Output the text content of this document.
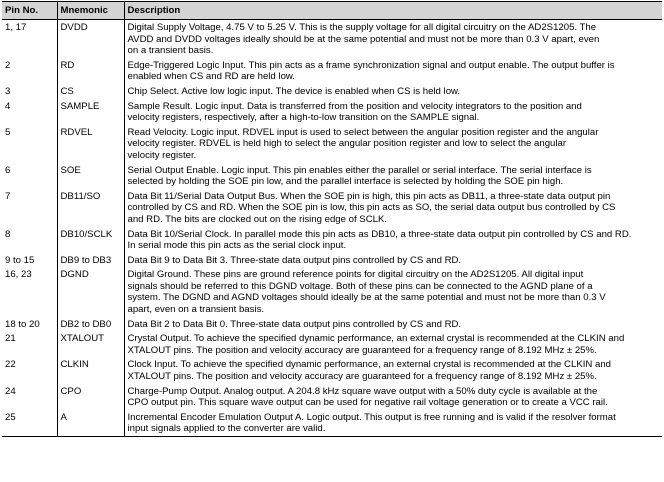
Pin No.	Mnemonic	Description
1, 17	DVDD	Digital Supply Voltage, 4.75 V to 5.25 V. This is the supply voltage for all digital circuitry on the AD2S1205. The
AVDD and DVDD voltages ideally should be at the same potential and must not be more than 0.3 V apart, even
on a transient basis.
2	RD	Edge-Triggered Logic Input. This pin acts as a frame synchronization signal and output enable. The output buffer is
enabled when CS and RD are held low.
3	CS	Chip Select. Active low logic input. The device is enabled when CS is held low.
4	SAMPLE	Sample Result. Logic input. Data is transferred from the position and velocity integrators to the position and
velocity registers, respectively, after a high-to-low transition on the SAMPLE signal.
5	RDVEL	Read Velocity. Logic input. RDVEL input is used to select between the angular position register and the angular
velocity register. RDVEL is held high to select the angular position register and low to select the angular
velocity register.
6	SOE	Serial Output Enable. Logic input. This pin enables either the parallel or serial interface. The serial interface is
selected by holding the SOE pin low, and the parallel interface is selected by holding the SOE pin high.
7	DB11/SO	Data Bit 11/Serial Data Output Bus. When the SOE pin is high, this pin acts as DB11, a three-state data output pin
controlled by CS and RD. When the SOE pin is low, this pin acts as SO, the serial data output bus controlled by CS
and RD. The bits are clocked out on the rising edge of SCLK.
8	DB10/SCLK	Data Bit 10/Serial Clock. In parallel mode this pin acts as DB10, a three-state data output pin controlled by CS and RD.
In serial mode this pin acts as the serial clock input.
9 to 15	DB9 to DB3	Data Bit 9 to Data Bit 3. Three-state data output pins controlled by CS and RD.
16, 23	DGND	Digital Ground. These pins are ground reference points for digital circuitry on the AD2S1205. All digital input
signals should be referred to this DGND voltage. Both of these pins can be connected to the AGND plane of a
system. The DGND and AGND voltages should ideally be at the same potential and must not be more than 0.3 V
apart, even on a transient basis.
18 to 20	DB2 to DB0	Data Bit 2 to Data Bit 0. Three-state data output pins controlled by CS and RD.
21	XTALOUT	Crystal Output. To achieve the specified dynamic performance, an external crystal is recommended at the CLKIN and
XTALOUT pins. The position and velocity accuracy are guaranteed for a frequency range of 8.192 MHz ± 25%.
22	CLKIN	Clock Input. To achieve the specified dynamic performance, an external crystal is recommended at the CLKIN and
XTALOUT pins. The position and velocity accuracy are guaranteed for a frequency range of 8.192 MHz ± 25%.
24	CPO	Charge-Pump Output. Analog output. A 204.8 kHz square wave output with a 50% duty cycle is available at the
CPO output pin. This square wave output can be used for negative rail voltage generation or to create a VCC rail.
25	A	Incremental Encoder Emulation Output A. Logic output. This output is free running and is valid if the resolver format
input signals applied to the converter are valid.
